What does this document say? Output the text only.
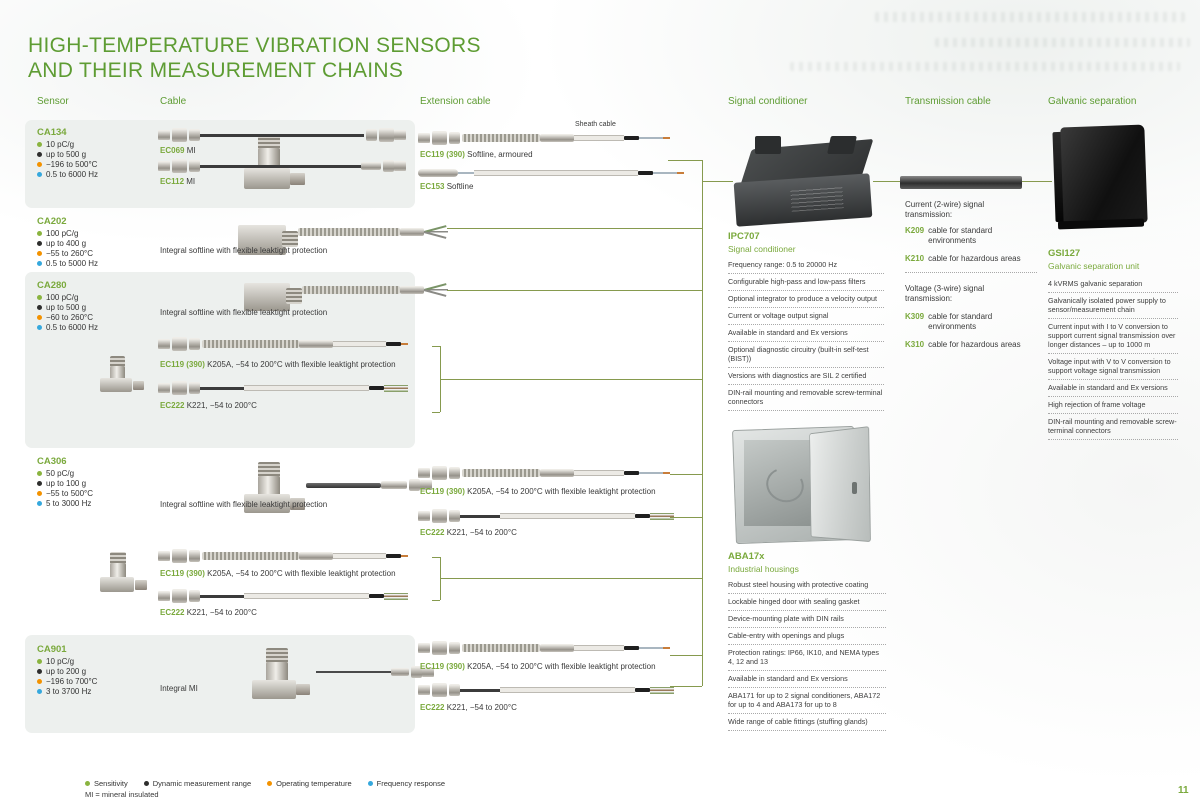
HIGH-TEMPERATURE VIBRATION SENSORS
AND THEIR MEASUREMENT CHAINS
Sensor	Cable	Extension cable	Signal conditioner	Transmission cable	Galvanic separation
CA134
10 pC/g
up to 500 g
−196 to 500°C
0.5 to 6000 Hz
EC069 MI
EC112 MI
Sheath cable
EC119 (390) Softline, armoured
EC153 Softline
CA202
100 pC/g
up to 400 g
−55 to 260°C
0.5 to 5000 Hz
Integral softline with flexible leaktight protection
CA280
100 pC/g
up to 500 g
−60 to 260°C
0.5 to 6000 Hz
Integral softline with flexible leaktight protection
EC119 (390) K205A, −54 to 200°C with flexible leaktight protection
EC222 K221, −54 to 200°C
CA306
50 pC/g
up to 100 g
−55 to 500°C
5 to 3000 Hz	Integral softline with flexible leaktight protection
EC119 (390) K205A, −54 to 200°C with flexible leaktight protection
EC222 K221, −54 to 200°C
EC119 (390) K205A, −54 to 200°C with flexible leaktight protection
EC222 K221, −54 to 200°C
CA901
10 pC/g
up to 200 g
−196 to 700°C
3 to 3700 Hz	Integral MI
EC119 (390) K205A, −54 to 200°C with flexible leaktight protection
EC222 K221, −54 to 200°C
IPC707
Signal conditioner
Frequency range: 0.5 to 20000 Hz
Configurable high-pass and low-pass filters
Optional integrator to produce a velocity output
Current or voltage output signal
Available in standard and Ex versions
Optional diagnostic circuitry (built-in self-test (BIST))
Versions with diagnostics are SIL 2 certified
DIN-rail mounting and removable screw-terminal connectors
ABA17x
Industrial housings
Robust steel housing with protective coating
Lockable hinged door with sealing gasket
Device-mounting plate with DIN rails
Cable-entry with openings and plugs
Protection ratings: IP66, IK10, and NEMA types 4, 12 and 13
Available in standard and Ex versions
ABA171 for up to 2 signal conditioners, ABA172 for up to 4 and ABA173 for up to 8
Wide range of cable fittings (stuffing glands)
Current (2-wire) signal transmission:
K209 cable for standard environments
K210 cable for hazardous areas
Voltage (3-wire) signal transmission:
K309 cable for standard environments
K310 cable for hazardous areas
GSI127
Galvanic separation unit
4 kVRMS galvanic separation
Galvanically isolated power supply to sensor/measurement chain
Current input with I to V conversion to support current signal transmission over longer distances – up to 1000 m
Voltage input with V to V conversion to support voltage signal transmission
Available in standard and Ex versions
High rejection of frame voltage
DIN-rail mounting and removable screw-terminal connectors
Sensitivity	Dynamic measurement range	Operating temperature	Frequency response
MI = mineral insulated	11
